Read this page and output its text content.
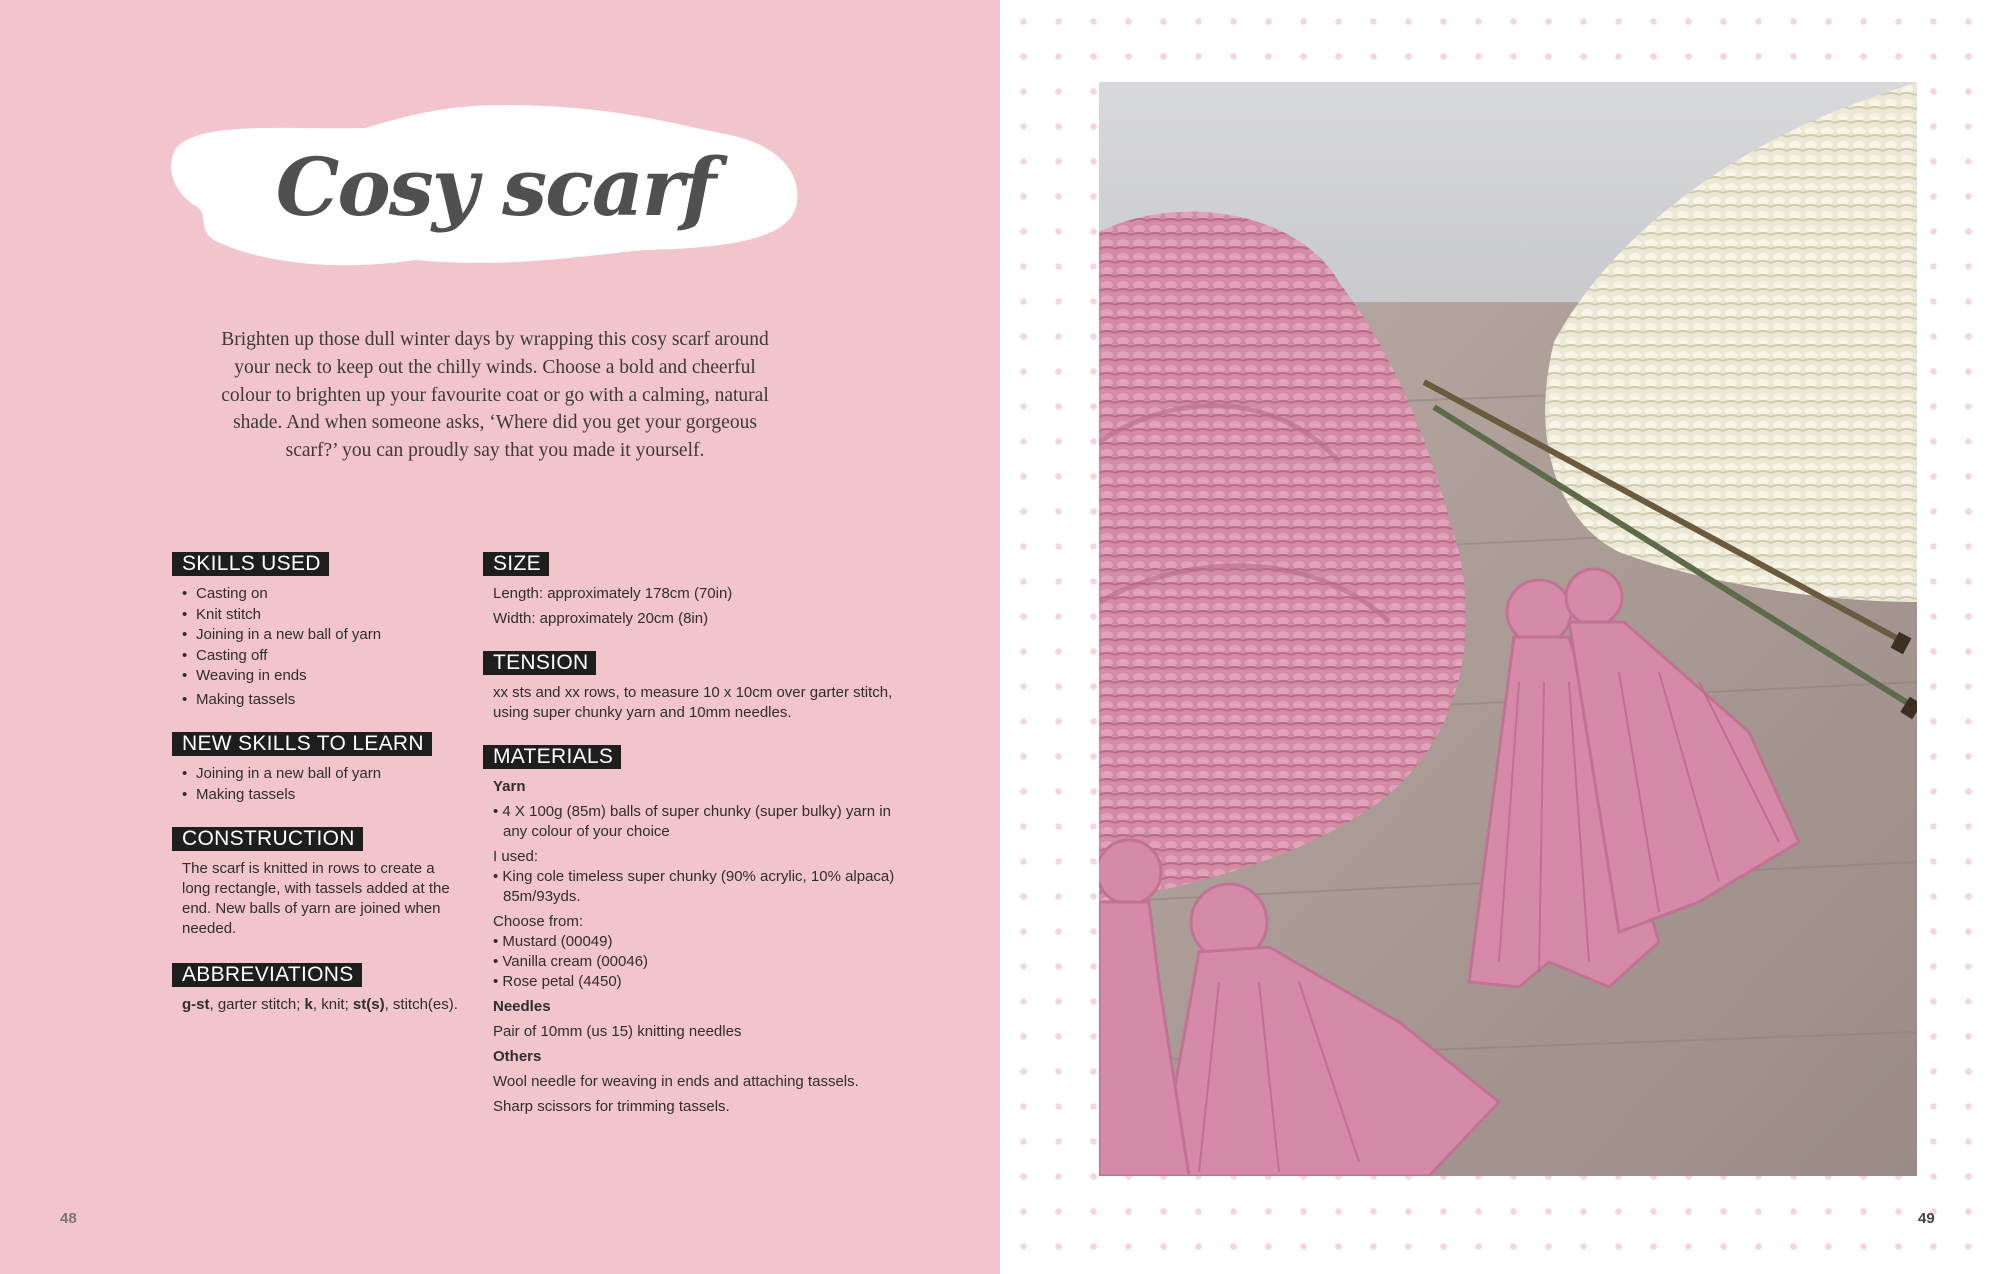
Cosy scarf
Brighten up those dull winter days by wrapping this cosy scarf around your neck to keep out the chilly winds. Choose a bold and cheerful colour to brighten up your favourite coat or go with a calming, natural shade. And when someone asks, ‘Where did you get your gorgeous scarf?’ you can proudly say that you made it yourself.
SKILLS USED
• Casting on
• Knit stitch
• Joining in a new ball of yarn
• Casting off
• Weaving in ends
• Making tassels
NEW SKILLS TO LEARN
• Joining in a new ball of yarn
• Making tassels
CONSTRUCTION
The scarf is knitted in rows to create a long rectangle, with tassels added at the end. New balls of yarn are joined when needed.
ABBREVIATIONS
g-st, garter stitch; k, knit; st(s), stitch(es).
SIZE
Length: approximately 178cm (70in)
Width: approximately 20cm (8in)
TENSION
xx sts and xx rows, to measure 10 x 10cm over garter stitch, using super chunky yarn and 10mm needles.
MATERIALS
Yarn
• 4 X 100g (85m) balls of super chunky (super bulky) yarn in any colour of your choice
I used:
• King cole timeless super chunky (90% acrylic, 10% alpaca) 85m/93yds.
Choose from:
• Mustard (00049)
• Vanilla cream (00046)
• Rose petal (4450)
Needles
Pair of 10mm (us 15) knitting needles
Others
Wool needle for weaving in ends and attaching tassels.
Sharp scissors for trimming tassels.
48	49
